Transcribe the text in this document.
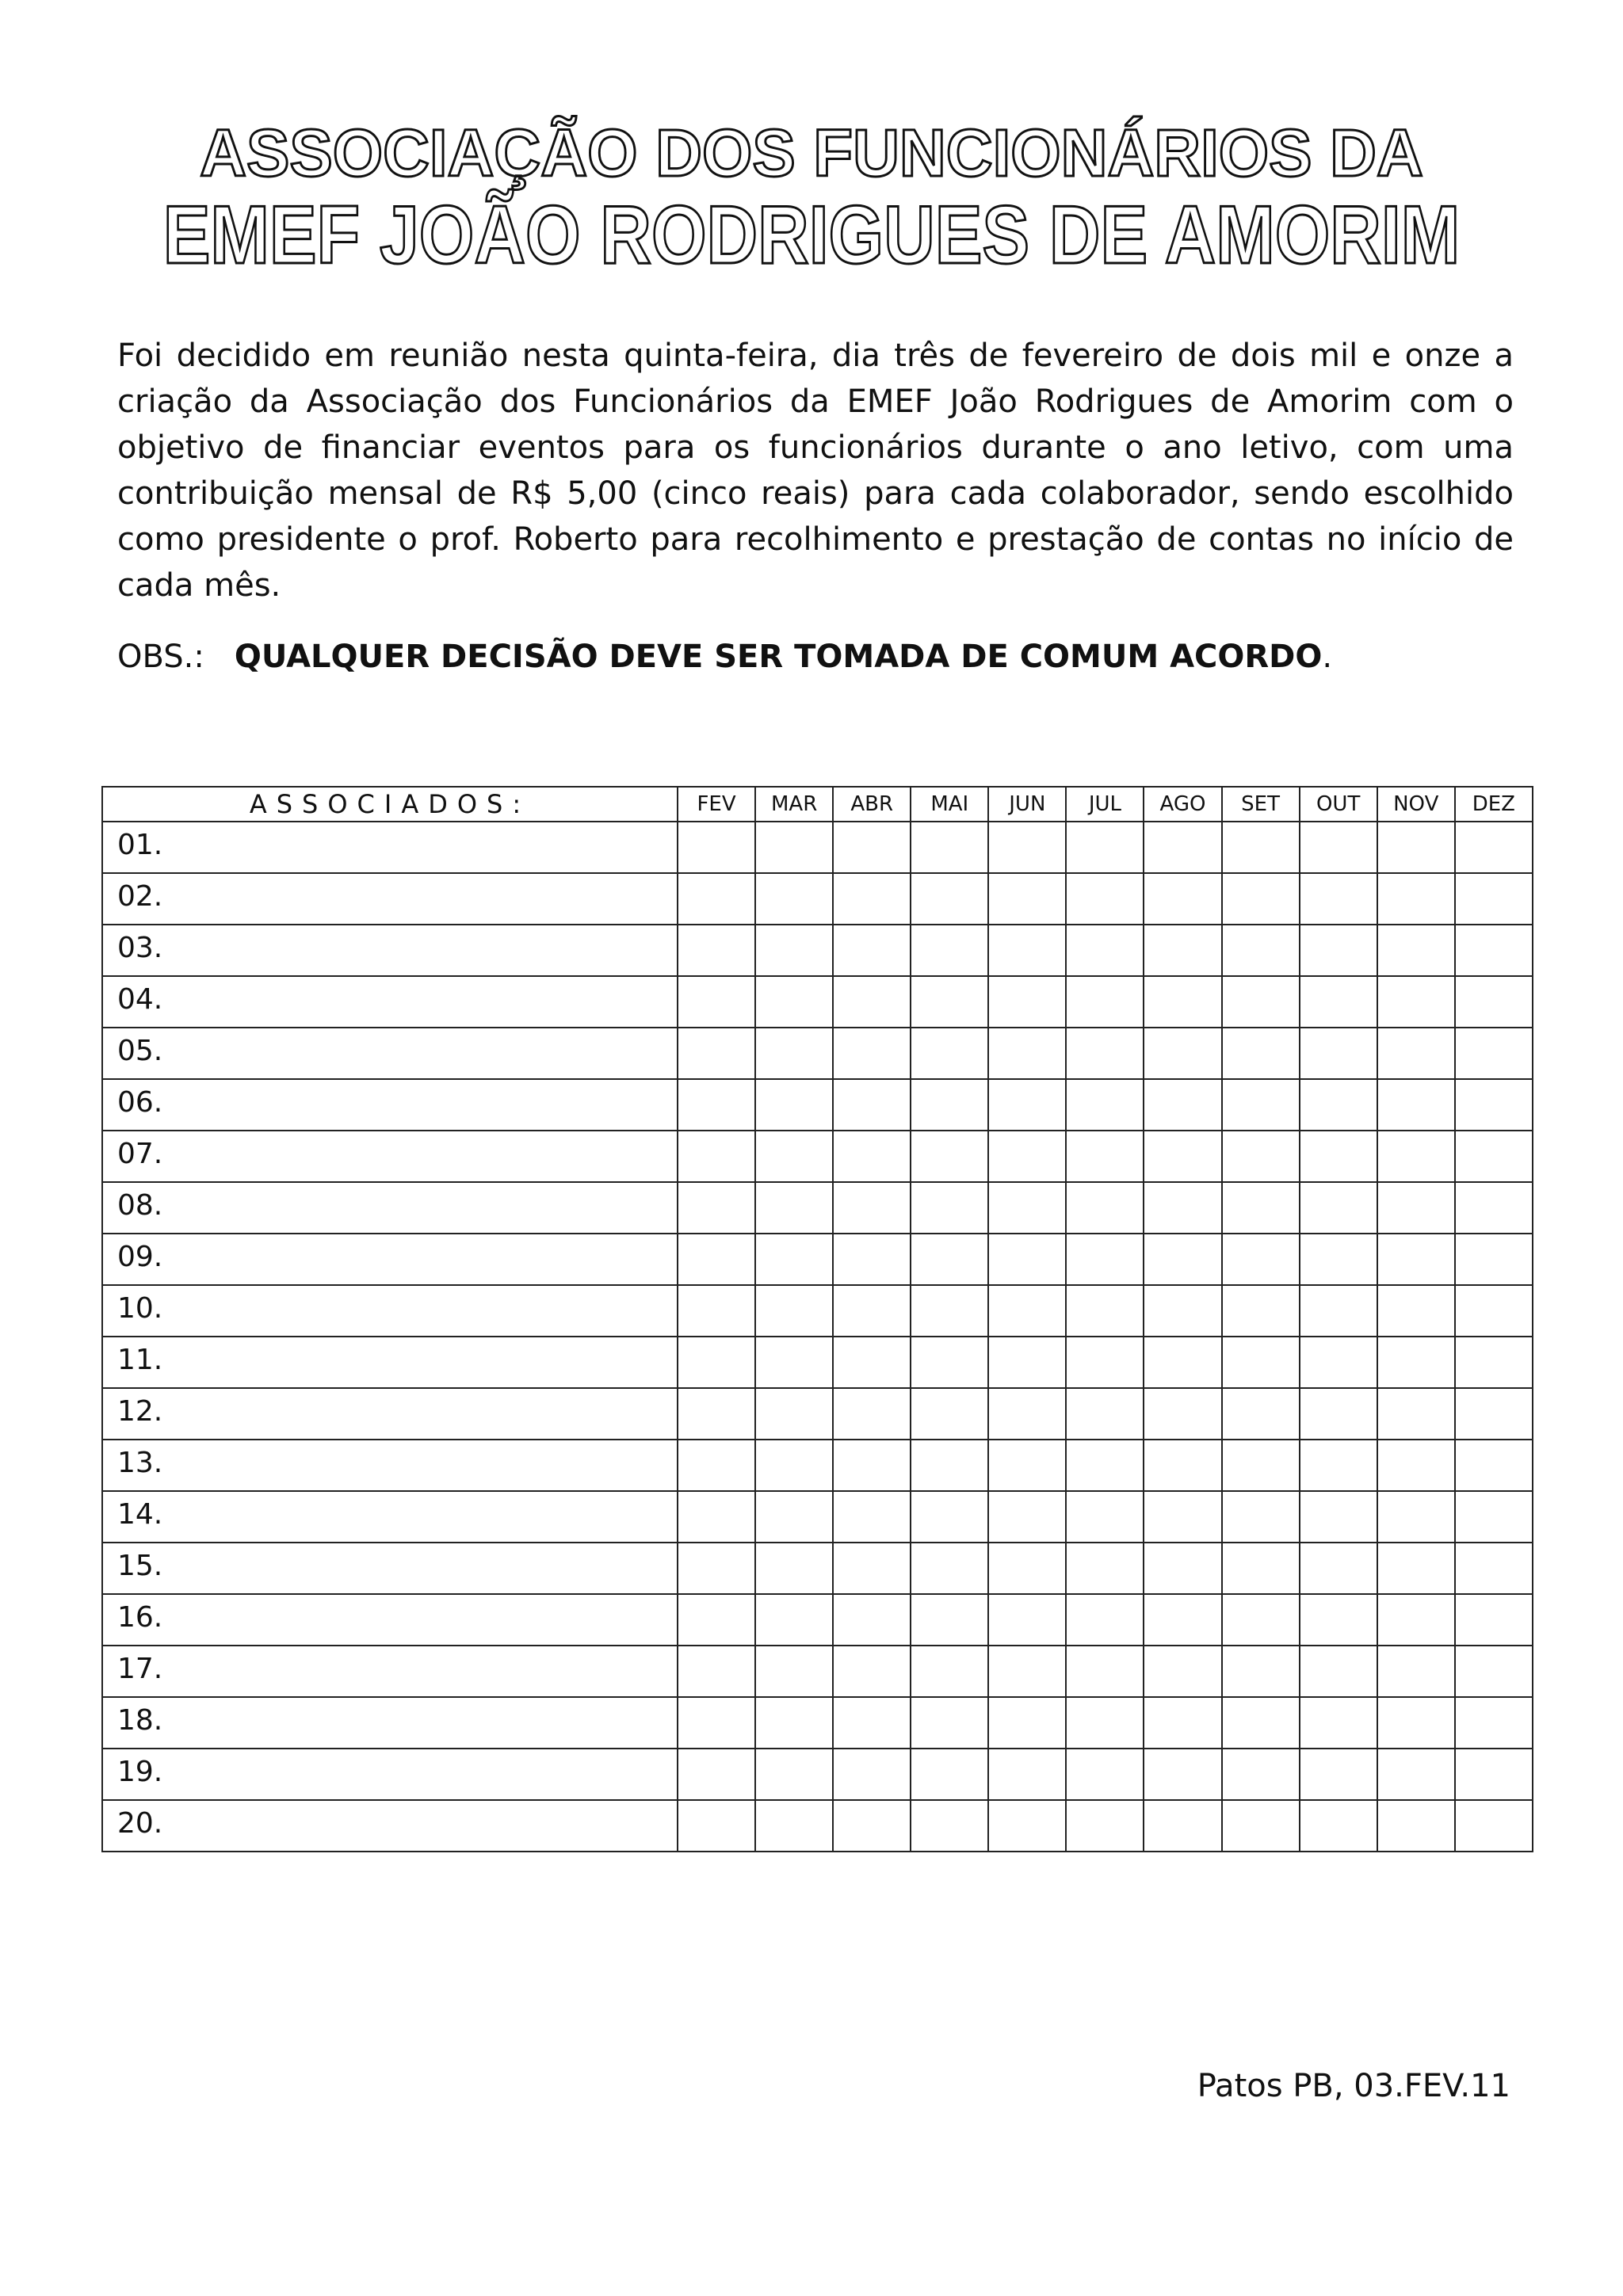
ASSOCIAÇÃO DOS FUNCIONÁRIOS DA
EMEF JOÃO RODRIGUES DE AMORIM

Foi decidido em reunião nesta quinta-feira, dia três de fevereiro de dois mil e onze a criação da Associação dos Funcionários da EMEF João Rodrigues de Amorim com o objetivo de financiar eventos para os funcionários durante o ano letivo, com uma contribuição mensal de R$ 5,00 (cinco reais) para cada colaborador, sendo escolhido como presidente o prof. Roberto para recolhimento e prestação de contas no início de cada mês.

OBS.: QUALQUER DECISÃO DEVE SER TOMADA DE COMUM ACORDO.
ASSOCIADOS:	FEV	MAR	ABR	MAI	JUN	JUL	AGO	SET	OUT	NOV	DEZ
01.											
02.											
03.											
04.											
05.											
06.											
07.											
08.											
09.											
10.											
11.											
12.											
13.											
14.											
15.											
16.											
17.											
18.											
19.											
20.											
Patos PB, 03.FEV.11
